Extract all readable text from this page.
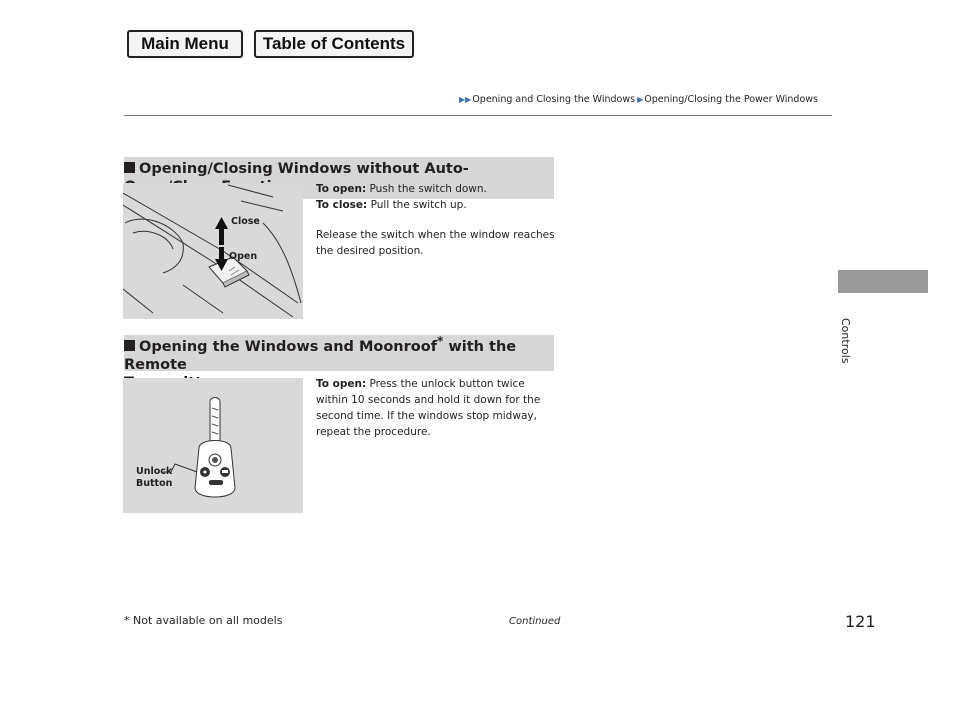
Main Menu	Table of Contents
▶▶ Opening and Closing the Windows ▶ Opening/Closing the Power Windows
Controls
Opening/Closing Windows without Auto-
Close
Open

To open: Push the switch down.

To close: Pull the switch up.

Release the switch when the window reaches the desired position.

Opening the Windows and Moonroof* with the Remote

Unlock
Button

To open: Press the unlock button twice within 10 seconds and hold it down for the second time. If the windows stop midway, repeat the procedure.

* Not available on all models	Continued	121
